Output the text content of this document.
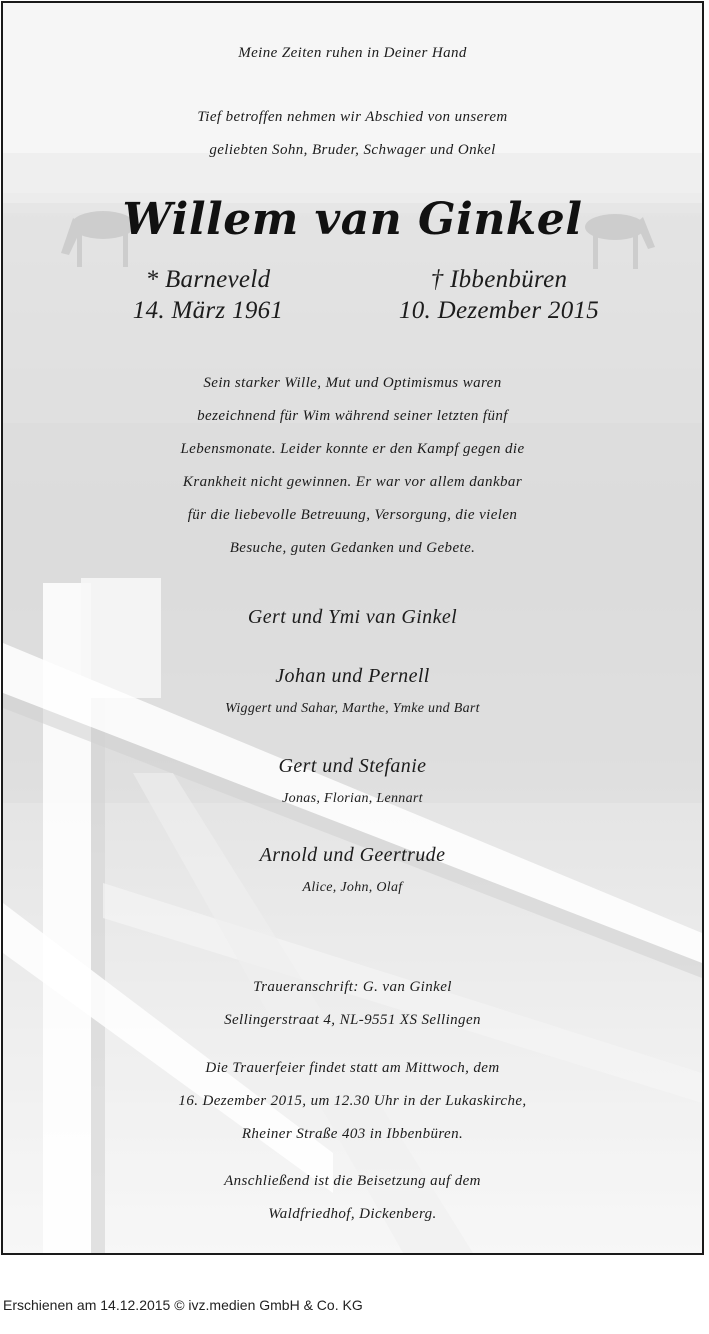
Meine Zeiten ruhen in Deiner Hand
Tief betroffen nehmen wir Abschied von unserem
geliebten Sohn, Bruder, Schwager und Onkel
Willem van Ginkel
* Barneveld
14. März 1961
† Ibbenbüren
10. Dezember 2015
Sein starker Wille, Mut und Optimismus waren
bezeichnend für Wim während seiner letzten fünf
Lebensmonate. Leider konnte er den Kampf gegen die
Krankheit nicht gewinnen. Er war vor allem dankbar
für die liebevolle Betreuung, Versorgung, die vielen
Besuche, guten Gedanken und Gebete.
Gert und Ymi van Ginkel
Johan und Pernell
Wiggert und Sahar, Marthe, Ymke und Bart
Gert und Stefanie
Jonas, Florian, Lennart
Arnold und Geertrude
Alice, John, Olaf
Traueranschrift: G. van Ginkel
Sellingerstraat 4, NL-9551 XS Sellingen
Die Trauerfeier findet statt am Mittwoch, dem
16. Dezember 2015, um 12.30 Uhr in der Lukaskirche,
Rheiner Straße 403 in Ibbenbüren.
Anschließend ist die Beisetzung auf dem
Waldfriedhof, Dickenberg.
Erschienen am 14.12.2015 © ivz.medien GmbH & Co. KG
